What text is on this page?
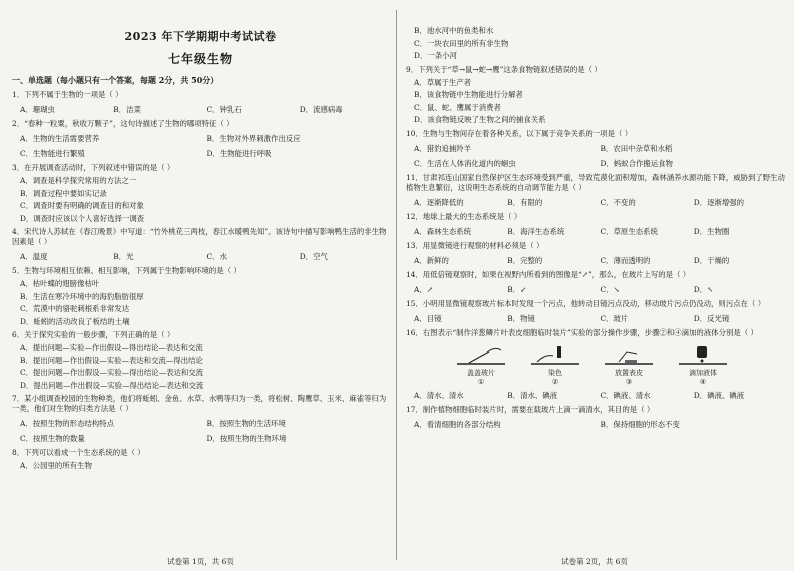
2023 年下学期期中考试试卷
七年级生物
一、单选题（每小题只有一个答案，每题 2分，共 50分）
1．下列不属于生物的一项是（ ）
A．珊瑚虫	B．洁菜	C．钟乳石	D．流感病毒
2．“春种一粒粟，秋收万颗子”，这句诗描述了生物的哪项特征（ ）
A．生物的生活需要营养	B．生物对外界刺激作出反应
C．生物能进行繁殖	D．生物能进行呼吸
3．在开展调查活动时，下列叙述中错误的是（ ）
A．调查是科学探究常用的方法之一
B．调查过程中要如实记录
C．调查时要有明确的调查目的和对象
D．调查时应该以个人喜好选择一调查
4．宋代诗人苏轼在《春江晚景》中写道：“竹外桃花三两枝，春江水暖鸭先知”。该诗句中描写影响鸭生活的非生物因素是（ ）
A．温度	B．光	C．水	D．空气
5．生物与环境相互依赖、相互影响，下列属于生物影响环境的是（ ）
A．枯叶蝶的翅膀像枯叶
B．生活在寒冷环境中的海豹脂肪很厚
C．荒漠中的骆驼刺根系非常发达
D．蚯蚓的活动改良了板结的土壤
6．关于探究实验的一般步骤，下列正确的是（ ）
A．提出问题—实验—作出假设—得出结论—表达和交流
B．提出问题—作出假设—实验—表达和交流—得出结论
C．提出问题—作出假设—实验—得出结论—表达和交流
D．提出问题—作出假设—实验—得出结论—表达和交流
7．某小组调查校园的生物种类，他们将蚯蚓、金鱼、水草、水鸭等归为一类，将松树、陶鹰草、玉米、麻雀等归为一类，他们对生物的归类方法是（ ）
A．按照生物的形态结构特点	B．按照生物的生活环境
C．按照生物的数量	D．按照生物的生物环境
8．下列可以看成一个生态系统的是（ ）
A．公园里的所有生物
试卷第 1页，共 6页
B．池水河中的鱼类和水
C．一块农田里的所有非生物
D．一条小河
9．下列关于“草→鼠→蛇→鹰”这条食物链叙述错误的是（ ）
A．草属于生产者
B．该食物链中生物能进行分解者
C．鼠、蛇、鹰属于消费者
D．该食物链反映了生物之间的捕食关系
10．生物与生物间存在着各种关系，以下属于竞争关系的一项是（ ）
A．猎豹追捕羚羊	B．农田中杂草和水稻
C．生活在人体消化道内的蛔虫	D．蚂蚁合作搬运食物
11．甘肃祁连山国家自然保护区生态环境受到严重，导致荒漠化面积增加，森林涵养水源功能下降，威胁到了野生动植物生息繁衍，这说明生态系统的自动调节能力是（ ）
A．逐渐降低的	B．有限的	C．不变的	D．逐渐增强的
12．地球上最大的生态系统是（ ）
A．森林生态系统	B．海洋生态系统	C．草原生态系统	D．生物圈
13．用显微镜进行观察的材料必须是（ ）
A．新鲜的	B．完整的	C．薄而透明的	D．干燥的
14．用低倍镜观察时，如果在视野内所看到的图像是“↗”，那么，在玻片上写的是（ ）
A．↗	B．↙	C．↘	D．↖
15．小明用显微镜观察玻片标本时发现一个污点，他转动目镜污点没动，移动玻片污点仍没动，则污点在（ ）
A．目镜	B．物镜	C．玻片	D．反光镜
16．右图表示“制作洋葱鳞片叶表皮细胞临时装片”实验的部分操作步骤，步骤②和④滴加的液体分别是（ ）
盖盖玻片
①
染色
②
放置表皮
③
滴加液体
④
A．清水、清水	B．清水、碘液	C．碘液、清水	D．碘液、碘液
17．制作植物细胞临时装片时，需要在载玻片上滴一滴清水，其目的是（ ）
A．看清细胞的各部分结构	B．保持细胞的形态不变
试卷第 2页，共 6页
